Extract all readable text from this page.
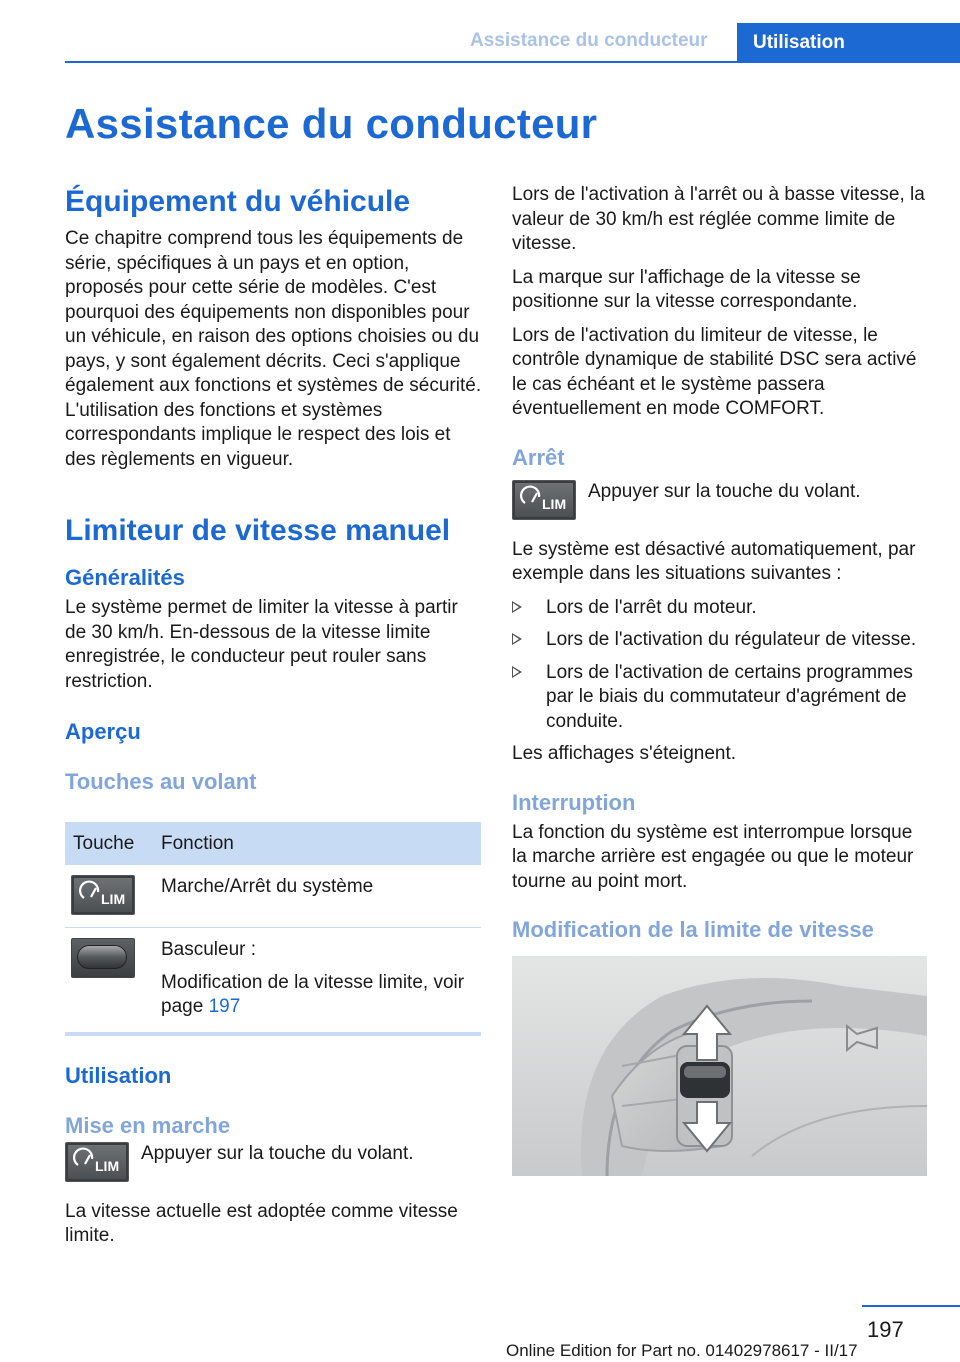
Assistance du conducteur	Utilisation
Assistance du conducteur
Équipement du véhicule

Ce chapitre comprend tous les équipements de série, spécifiques à un pays et en option, proposés pour cette série de modèles. C'est pourquoi des équipements non disponibles pour un véhicule, en raison des options choisies ou du pays, y sont également décrits. Ceci s'applique également aux fonctions et systèmes de sécurité. L'utilisation des fonctions et systèmes correspondants implique le respect des lois et des règlements en vigueur.

Limiteur de vitesse manuel
Généralités

Le système permet de limiter la vitesse à partir de 30 km/h. En-dessous de la vitesse limite enregistrée, le conducteur peut rouler sans restriction.

Aperçu
Touches au volant
Touche	Fonction

LIM	Marche/Arrêt du système

	Basculeur :

Modification de la vitesse limite, voir page 197

Utilisation
Mise en marche
LIM

Appuyer sur la touche du volant.

La vitesse actuelle est adoptée comme vitesse limite.

Lors de l'activation à l'arrêt ou à basse vitesse, la valeur de 30 km/h est réglée comme limite de vitesse.

La marque sur l'affichage de la vitesse se positionne sur la vitesse correspondante.

Lors de l'activation du limiteur de vitesse, le contrôle dynamique de stabilité DSC sera activé le cas échéant et le système passera éventuellement en mode COMFORT.

Arrêt
LIM

Appuyer sur la touche du volant.

Le système est désactivé automatiquement, par exemple dans les situations suivantes :

Lors de l'arrêt du moteur.
Lors de l'activation du régulateur de vitesse.
Lors de l'activation de certains programmes par le biais du commutateur d'agrément de conduite.

Les affichages s'éteignent.

Interruption

La fonction du système est interrompue lorsque la marche arrière est engagée ou que le moteur tourne au point mort.

Modification de la limite de vitesse
197
Online Edition for Part no. 01402978617 - II/17
